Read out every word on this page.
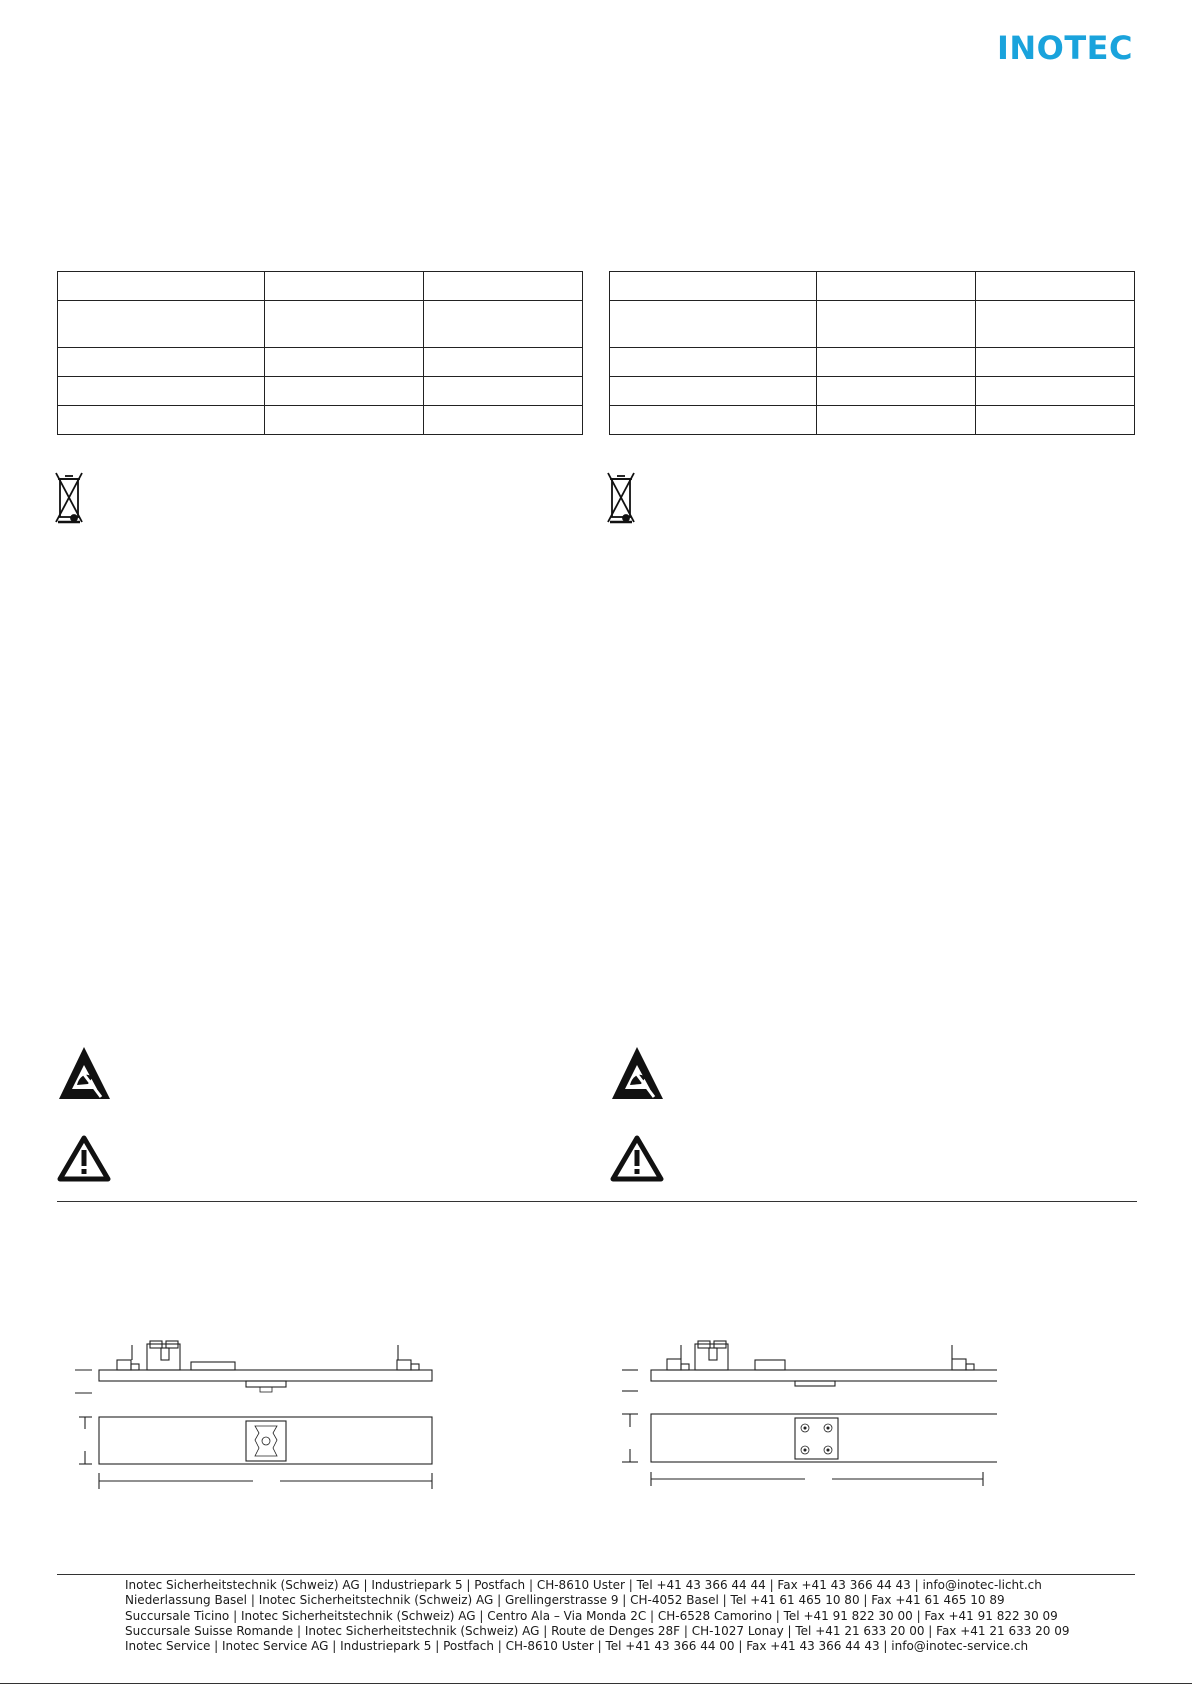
INOTEC

Inotec Sicherheitstechnik (Schweiz) AG | Industriepark 5 | Postfach | CH-8610 Uster | Tel +41 43 366 44 44 | Fax +41 43 366 44 43 | info@inotec-licht.ch
Niederlassung Basel | Inotec Sicherheitstechnik (Schweiz) AG | Grellingerstrasse 9 | CH-4052 Basel | Tel +41 61 465 10 80 | Fax +41 61 465 10 89
Succursale Ticino | Inotec Sicherheitstechnik (Schweiz) AG | Centro Ala – Via Monda 2C | CH-6528 Camorino | Tel +41 91 822 30 00 | Fax +41 91 822 30 09
Succursale Suisse Romande | Inotec Sicherheitstechnik (Schweiz) AG | Route de Denges 28F | CH-1027 Lonay | Tel +41 21 633 20 00 | Fax +41 21 633 20 09
Inotec Service | Inotec Service AG | Industriepark 5 | Postfach | CH-8610 Uster | Tel +41 43 366 44 00 | Fax +41 43 366 44 43 | info@inotec-service.ch
